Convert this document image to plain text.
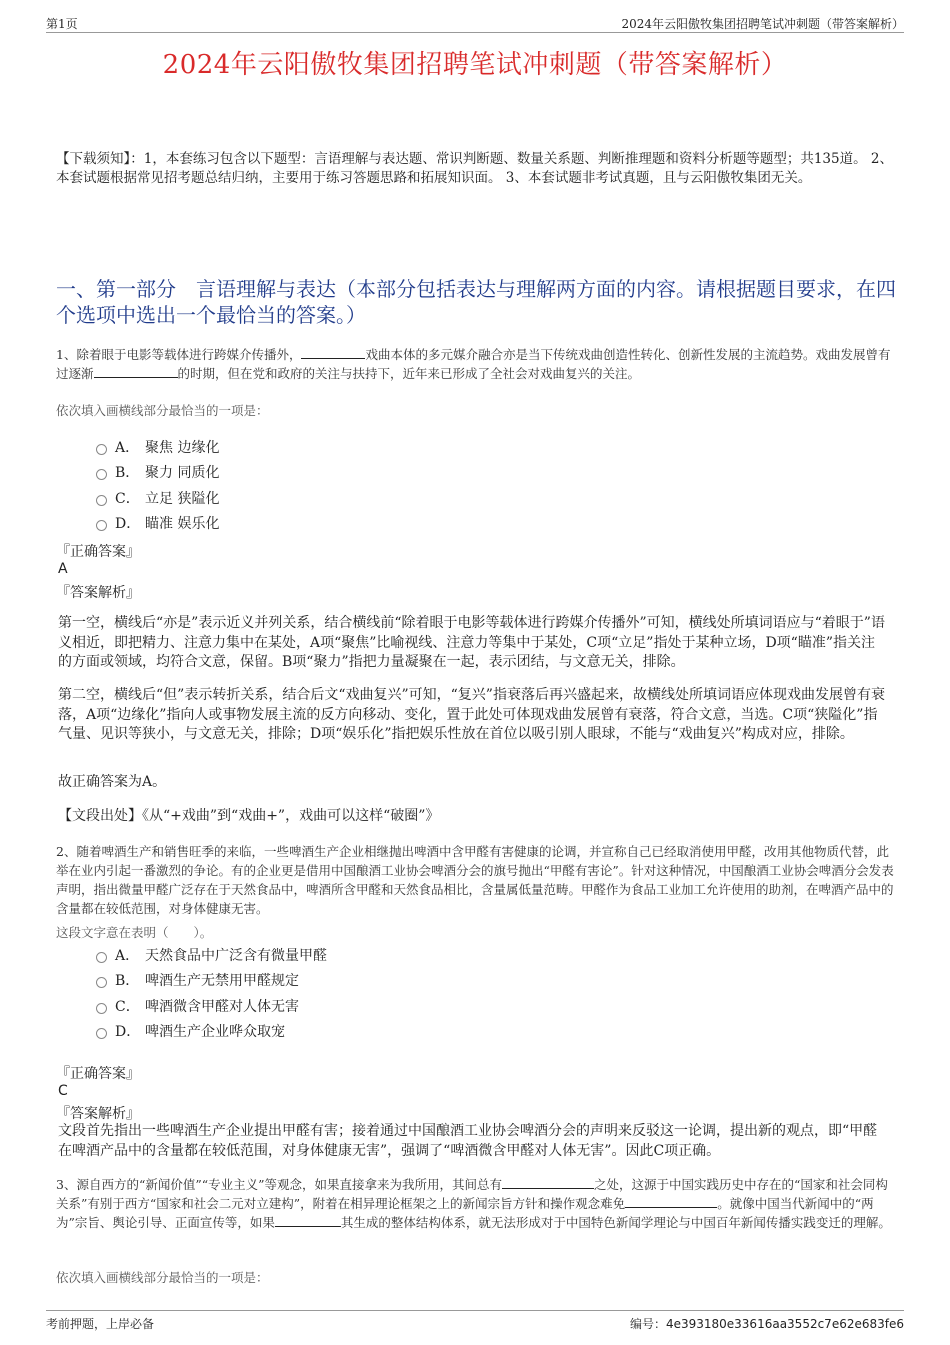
第1页	2024年云阳傲牧集团招聘笔试冲刺题（带答案解析）
2024年云阳傲牧集团招聘笔试冲刺题（带答案解析）
【下载须知】：1，本套练习包含以下题型：言语理解与表达题、常识判断题、数量关系题、判断推理题和资料分析题等题型；共135道。 2、本套试题根据常见招考题总结归纳，主要用于练习答题思路和拓展知识面。 3、本套试题非考试真题，且与云阳傲牧集团无关。
一、第一部分　言语理解与表达（本部分包括表达与理解两方面的内容。请根据题目要求，在四个选项中选出一个最恰当的答案。）
1、除着眼于电影等载体进行跨媒介传播外，	戏曲本体的多元媒介融合亦是当下传统戏曲创造性转化、创新性发展的主流趋势。戏曲发展曾有过逐渐	的时期，但在党和政府的关注与扶持下，近年来已形成了全社会对戏曲复兴的关注。
依次填入画横线部分最恰当的一项是：
A． 聚焦 边缘化
B． 聚力 同质化
C． 立足 狭隘化
D． 瞄准 娱乐化
『正确答案』
A
『答案解析』
第一空，横线后“亦是”表示近义并列关系，结合横线前“除着眼于电影等载体进行跨媒介传播外”可知，横线处所填词语应与“着眼于”语义相近，即把精力、注意力集中在某处，A项“聚焦”比喻视线、注意力等集中于某处，C项“立足”指处于某种立场，D项“瞄准”指关注的方面或领域，均符合文意，保留。B项“聚力”指把力量凝聚在一起，表示团结，与文意无关，排除。
第二空，横线后“但”表示转折关系，结合后文“戏曲复兴”可知，“复兴”指衰落后再兴盛起来，故横线处所填词语应体现戏曲发展曾有衰落，A项“边缘化”指向人或事物发展主流的反方向移动、变化，置于此处可体现戏曲发展曾有衰落，符合文意，当选。C项“狭隘化”指气量、见识等狭小，与文意无关，排除；D项“娱乐化”指把娱乐性放在首位以吸引别人眼球，不能与“戏曲复兴”构成对应，排除。
故正确答案为A。
【文段出处】《从“+戏曲”到“戏曲+”，戏曲可以这样“破圈”》
2、随着啤酒生产和销售旺季的来临，一些啤酒生产企业相继抛出啤酒中含甲醛有害健康的论调，并宣称自己已经取消使用甲醛，改用其他物质代替，此举在业内引起一番激烈的争论。有的企业更是借用中国酿酒工业协会啤酒分会的旗号抛出“甲醛有害论”。针对这种情况，中国酿酒工业协会啤酒分会发表声明，指出微量甲醛广泛存在于天然食品中，啤酒所含甲醛和天然食品相比，含量属低量范畴。甲醛作为食品工业加工允许使用的助剂，在啤酒产品中的含量都在较低范围，对身体健康无害。
这段文字意在表明（　　）。
A． 天然食品中广泛含有微量甲醛
B． 啤酒生产无禁用甲醛规定
C． 啤酒微含甲醛对人体无害
D． 啤酒生产企业哗众取宠
『正确答案』
C
『答案解析』
文段首先指出一些啤酒生产企业提出甲醛有害；接着通过中国酿酒工业协会啤酒分会的声明来反驳这一论调，提出新的观点，即“甲醛在啤酒产品中的含量都在较低范围，对身体健康无害”，强调了“啤酒微含甲醛对人体无害”。因此C项正确。
3、源自西方的“新闻价值”“专业主义”等观念，如果直接拿来为我所用，其间总有	之处，这源于中国实践历史中存在的“国家和社会同构关系”有别于西方“国家和社会二元对立建构”，附着在相异理论框架之上的新闻宗旨方针和操作观念难免	。就像中国当代新闻中的“两为”宗旨、舆论引导、正面宣传等，如果	其生成的整体结构体系，就无法形成对于中国特色新闻学理论与中国百年新闻传播实践变迁的理解。
依次填入画横线部分最恰当的一项是：
考前押题，上岸必备	编号：4e393180e33616aa3552c7e62e683fe6
